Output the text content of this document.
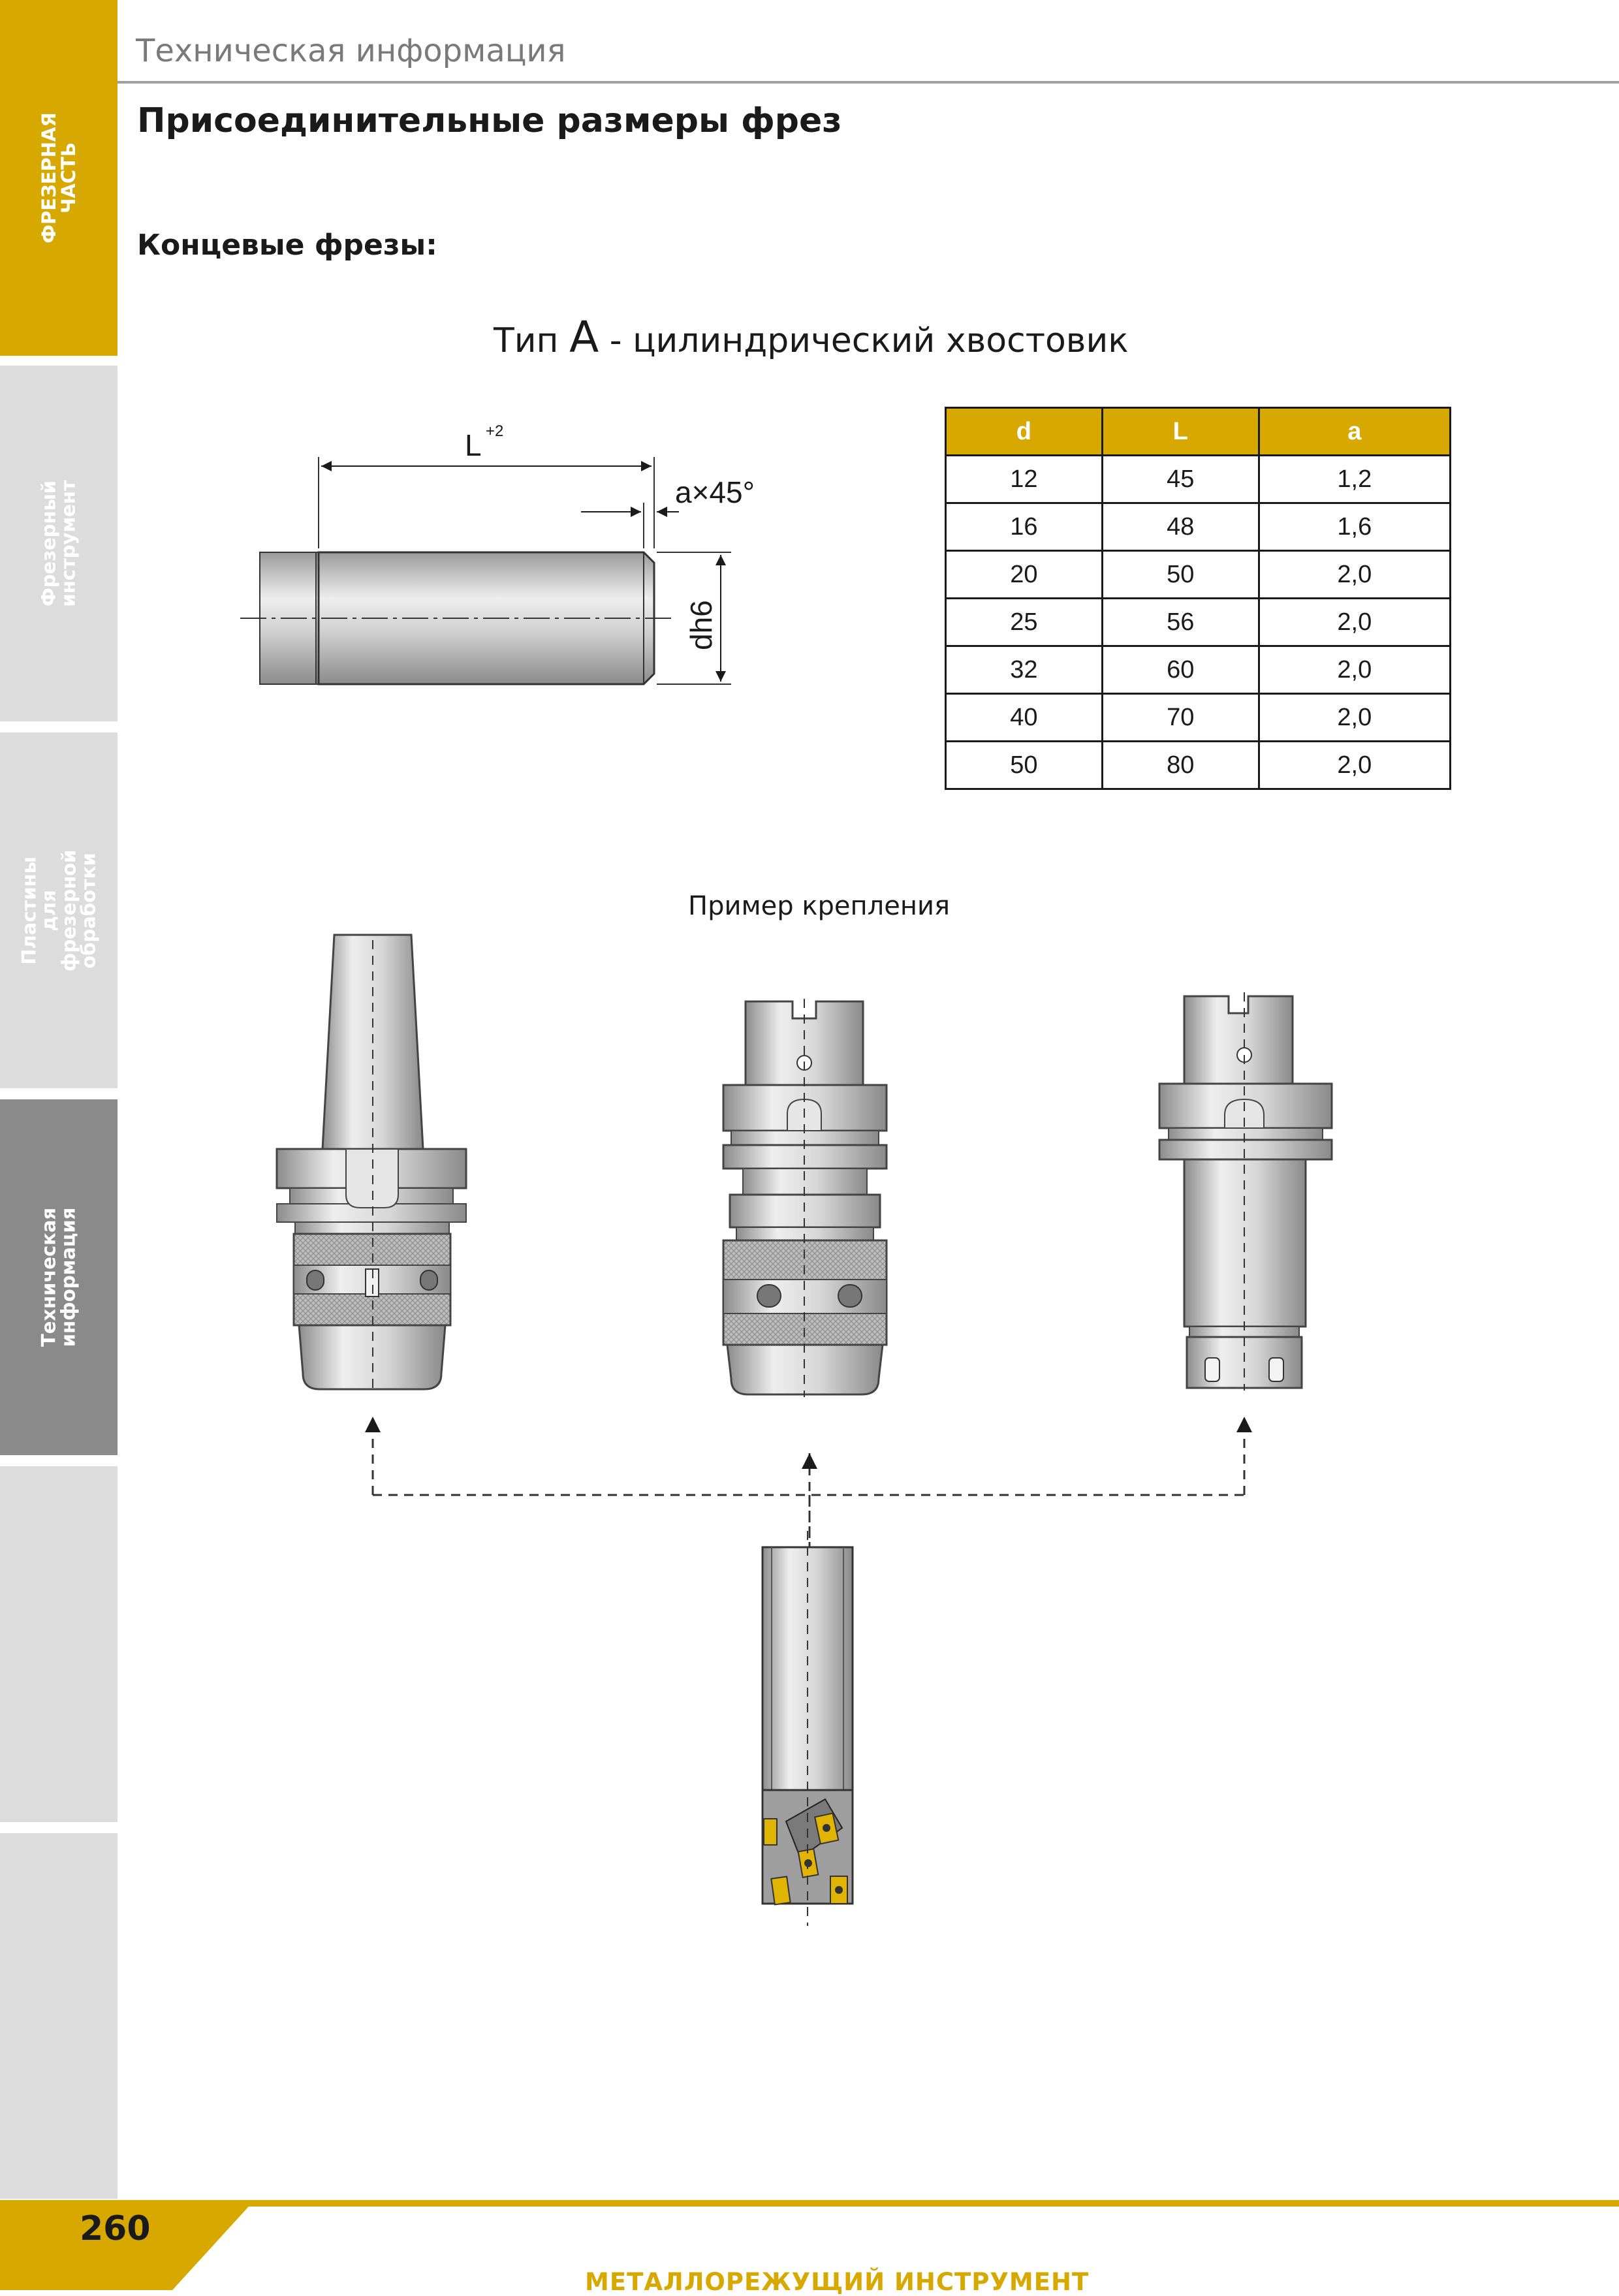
ФРЕЗЕРНАЯ
ЧАСТЬ
Фрезерный
инструмент
Пластины для
фрезерной обработки
Техническая
информация
Техническая информация
Присоединительные размеры фрез
Концевые фрезы:
Тип A - цилиндрический хвостовик
L +2
a×45°
dh6
d	L	a
12	45	1,2
16	48	1,6
20	50	2,0
25	56	2,0
32	60	2,0
40	70	2,0
50	80	2,0
Пример крепления
260
МЕТАЛЛОРЕЖУЩИЙ ИНСТРУМЕНТ
